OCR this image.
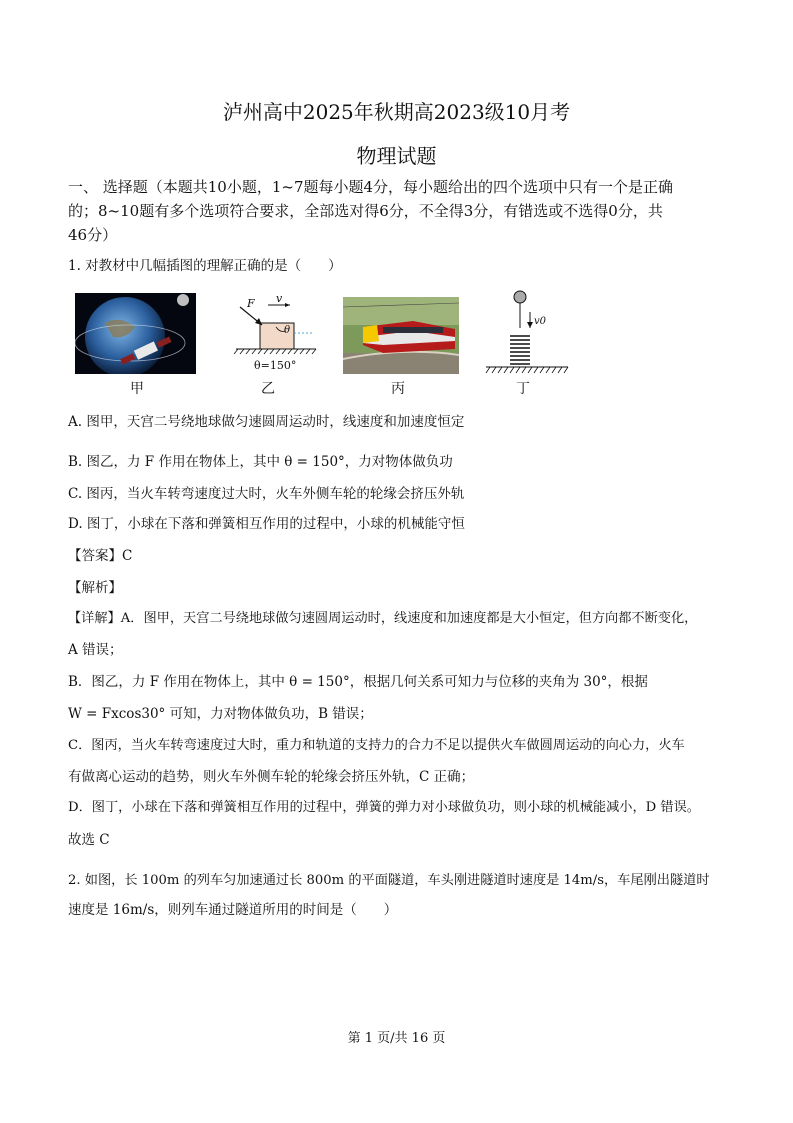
泸州高中2025年秋期高2023级10月考
物理试题
一、 选择题（本题共10小题，1~7题每小题4分，每小题给出的四个选项中只有一个是正确
的；8~10题有多个选项符合要求，全部选对得6分，不全得3分，有错选或不选得0分，共
46分）
1. 对教材中几幅插图的理解正确的是（　　）
甲
F v
θ
θ=150°
乙	丙
v0
丁
A. 图甲，天宫二号绕地球做匀速圆周运动时，线速度和加速度恒定
B. 图乙，力 F 作用在物体上，其中 θ = 150°，力对物体做负功
C. 图丙，当火车转弯速度过大时，火车外侧车轮的轮缘会挤压外轨
D. 图丁，小球在下落和弹簧相互作用的过程中，小球的机械能守恒
【答案】C
【解析】
【详解】A．图甲，天宫二号绕地球做匀速圆周运动时，线速度和加速度都是大小恒定，但方向都不断变化，
A 错误；
B．图乙，力 F 作用在物体上，其中 θ = 150°，根据几何关系可知力与位移的夹角为 30°，根据
W = Fxcos30° 可知，力对物体做负功，B 错误；
C．图丙，当火车转弯速度过大时，重力和轨道的支持力的合力不足以提供火车做圆周运动的向心力，火车
有做离心运动的趋势，则火车外侧车轮的轮缘会挤压外轨，C 正确；
D．图丁，小球在下落和弹簧相互作用的过程中，弹簧的弹力对小球做负功，则小球的机械能减小，D 错误。
故选 C
2. 如图，长 100m 的列车匀加速通过长 800m 的平面隧道，车头刚进隧道时速度是 14m/s，车尾刚出隧道时
速度是 16m/s，则列车通过隧道所用的时间是（　　）
第 1 页/共 16 页
